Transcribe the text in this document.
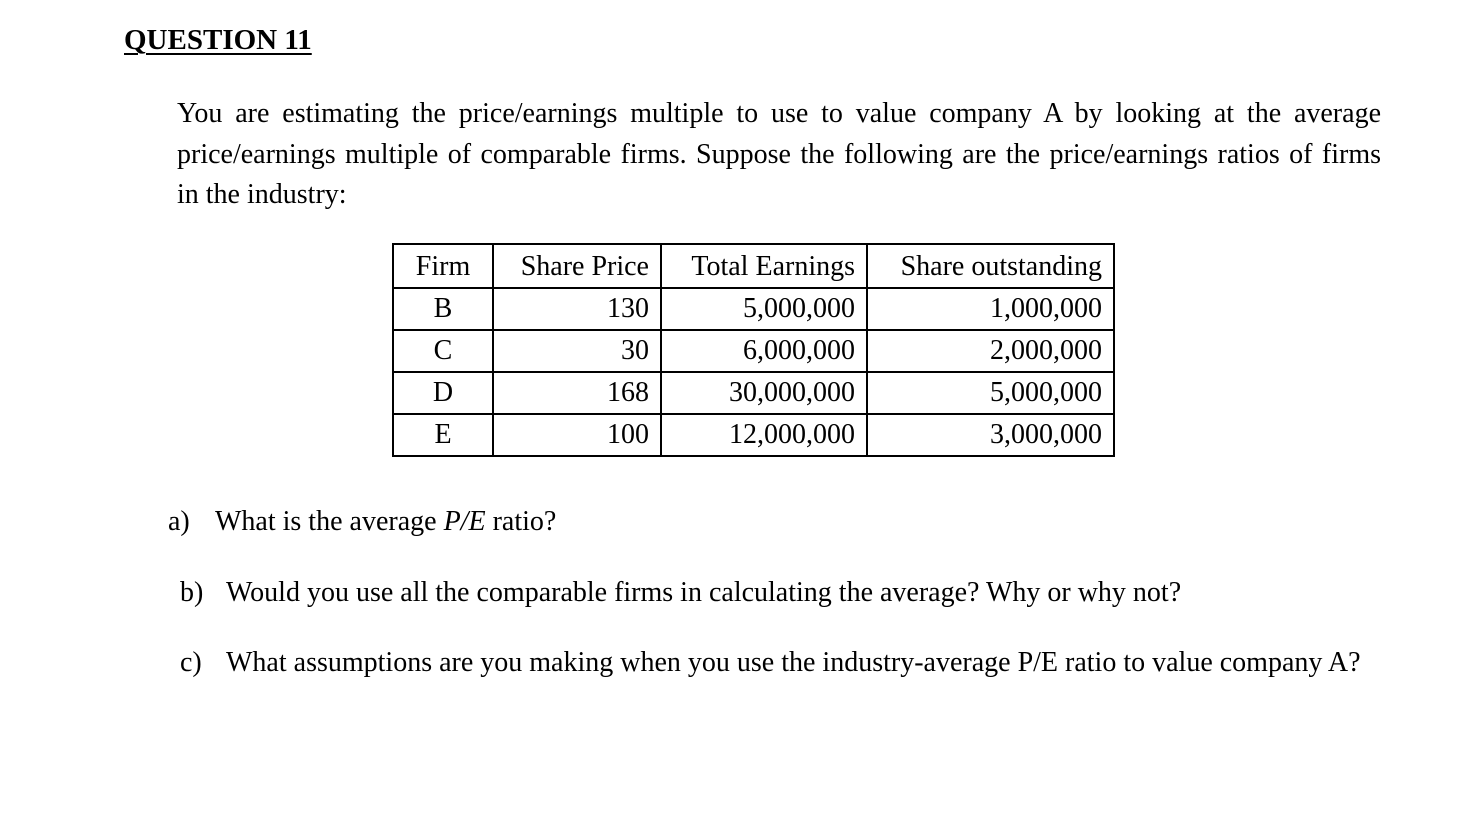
QUESTION 11
You are estimating the price/earnings multiple to use to value company A by looking at the average
price/earnings multiple of comparable firms. Suppose the following are the price/earnings ratios of firms
in the industry:
Firm	Share Price	Total Earnings	Share outstanding
B	130	5,000,000	1,000,000
C	30	6,000,000	2,000,000
D	168	30,000,000	5,000,000
E	100	12,000,000	3,000,000
a) What is the average P/E ratio?
b) Would you use all the comparable firms in calculating the average? Why or why not?
c) What assumptions are you making when you use the industry-average P/E ratio to value company A?
